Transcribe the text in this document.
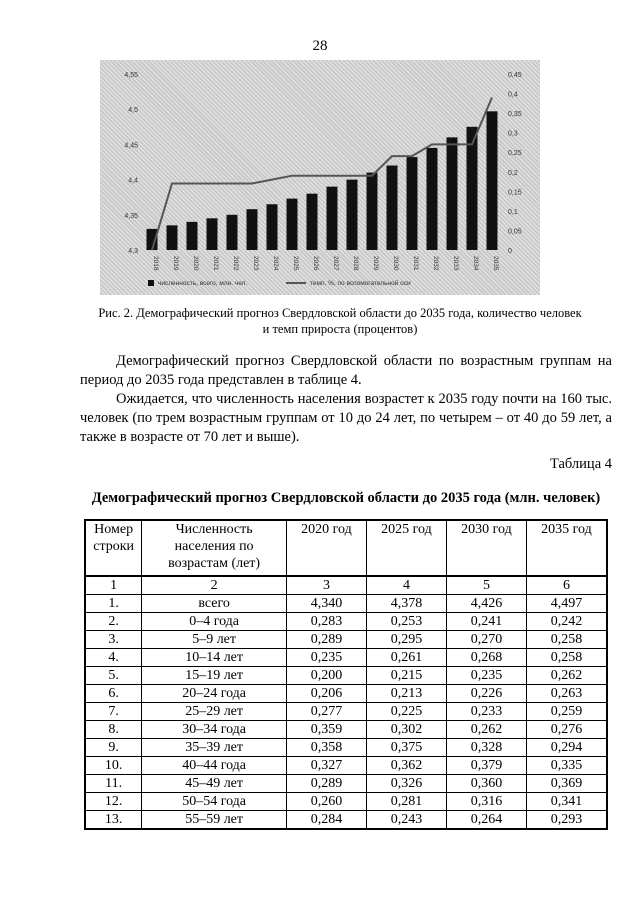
28
4,3
4,35
4,4
4,45
4,5
4,55
0
0,05
0,1
0,15
0,2
0,25
0,3
0,35
0,4
0,45
2018 2019 2020 2021 2022 2023 2024 2025 2026 2027 2028 2029 2030 2031 2032 2033 2034 2035
численность, всего, млн. чел.	темп, %, по вспомогательной оси
Рис. 2. Демографический прогноз Свердловской области до 2035 года, количество человек
и темп прироста (процентов)
Демографический прогноз Свердловской области по возрастным группам на период до 2035 года представлен в таблице 4.
Ожидается, что численность населения возрастет к 2035 году почти на 160 тыс. человек (по трем возрастным группам от 10 до 24 лет, по четырем – от 40 до 59 лет, а также в возрасте от 70 лет и выше).
Таблица 4
Демографический прогноз Свердловской области до 2035 года (млн. человек)
Номер строки	Численность населения по возрастам (лет)	2020 год	2025 год	2030 год	2035 год
1	2	3	4	5	6
1.	всего	4,340	4,378	4,426	4,497
2.	0–4 года	0,283	0,253	0,241	0,242
3.	5–9 лет	0,289	0,295	0,270	0,258
4.	10–14 лет	0,235	0,261	0,268	0,258
5.	15–19 лет	0,200	0,215	0,235	0,262
6.	20–24 года	0,206	0,213	0,226	0,263
7.	25–29 лет	0,277	0,225	0,233	0,259
8.	30–34 года	0,359	0,302	0,262	0,276
9.	35–39 лет	0,358	0,375	0,328	0,294
10.	40–44 года	0,327	0,362	0,379	0,335
11.	45–49 лет	0,289	0,326	0,360	0,369
12.	50–54 года	0,260	0,281	0,316	0,341
13.	55–59 лет	0,284	0,243	0,264	0,293
